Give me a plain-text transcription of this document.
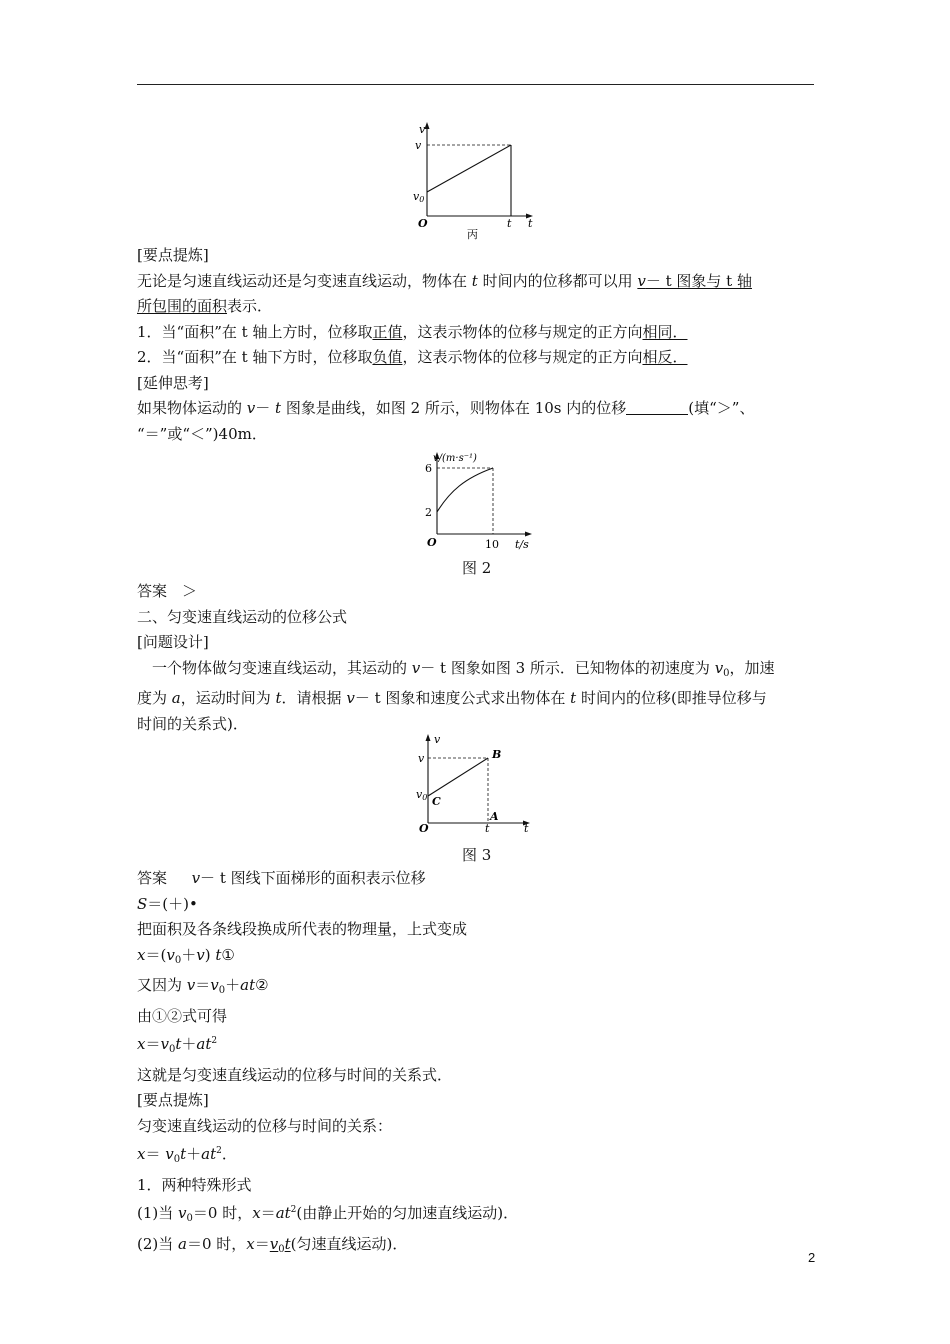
v
v
v0
O	t t
丙
v/(m·s⁻¹)
6
2
O	10 t/s
图 2
v
v
v0
B
C
A
O	t	t
图 3

[要点提炼]

无论是匀速直线运动还是匀变速直线运动，物体在 t 时间内的位移都可以用 v－ t 图象与 t 轴

所包围的面积表示．

1．当“面积”在 t 轴上方时，位移取正值，这表示物体的位移与规定的正方向相同．

2．当“面积”在 t 轴下方时，位移取负值，这表示物体的位移与规定的正方向相反．

[延伸思考]

如果物体运动的 v－ t 图象是曲线，如图 2 所示，则物体在 10s 内的位移	(填“＞”、

“＝”或“＜”)40m．

答案　＞

二、匀变速直线运动的位移公式

[问题设计]

一个物体做匀变速直线运动，其运动的 v－ t 图象如图 3 所示．已知物体的初速度为 $v_0$，加速

度为 a，运动时间为 t．请根据 v－ t 图象和速度公式求出物体在 t 时间内的位移(即推导位移与

时间的关系式)．

答案　  v－ t 图线下面梯形的面积表示位移

S＝(＋)•

把面积及各条线段换成所代表的物理量，上式变成

$x=(v_0+v)$ t①

又因为 $v=v_0+at②$

由①②式可得

$x=v_0t+at^2$

这就是匀变速直线运动的位移与时间的关系式．

[要点提炼]

匀变速直线运动的位移与时间的关系：

$x= v_0t+at^2$．

1．两种特殊形式

(1)当 $v_0=0$ 时，$x=at^2$(由静止开始的匀加速直线运动)．

(2)当 a＝0 时，$x=v_0t$(匀速直线运动)．

2
